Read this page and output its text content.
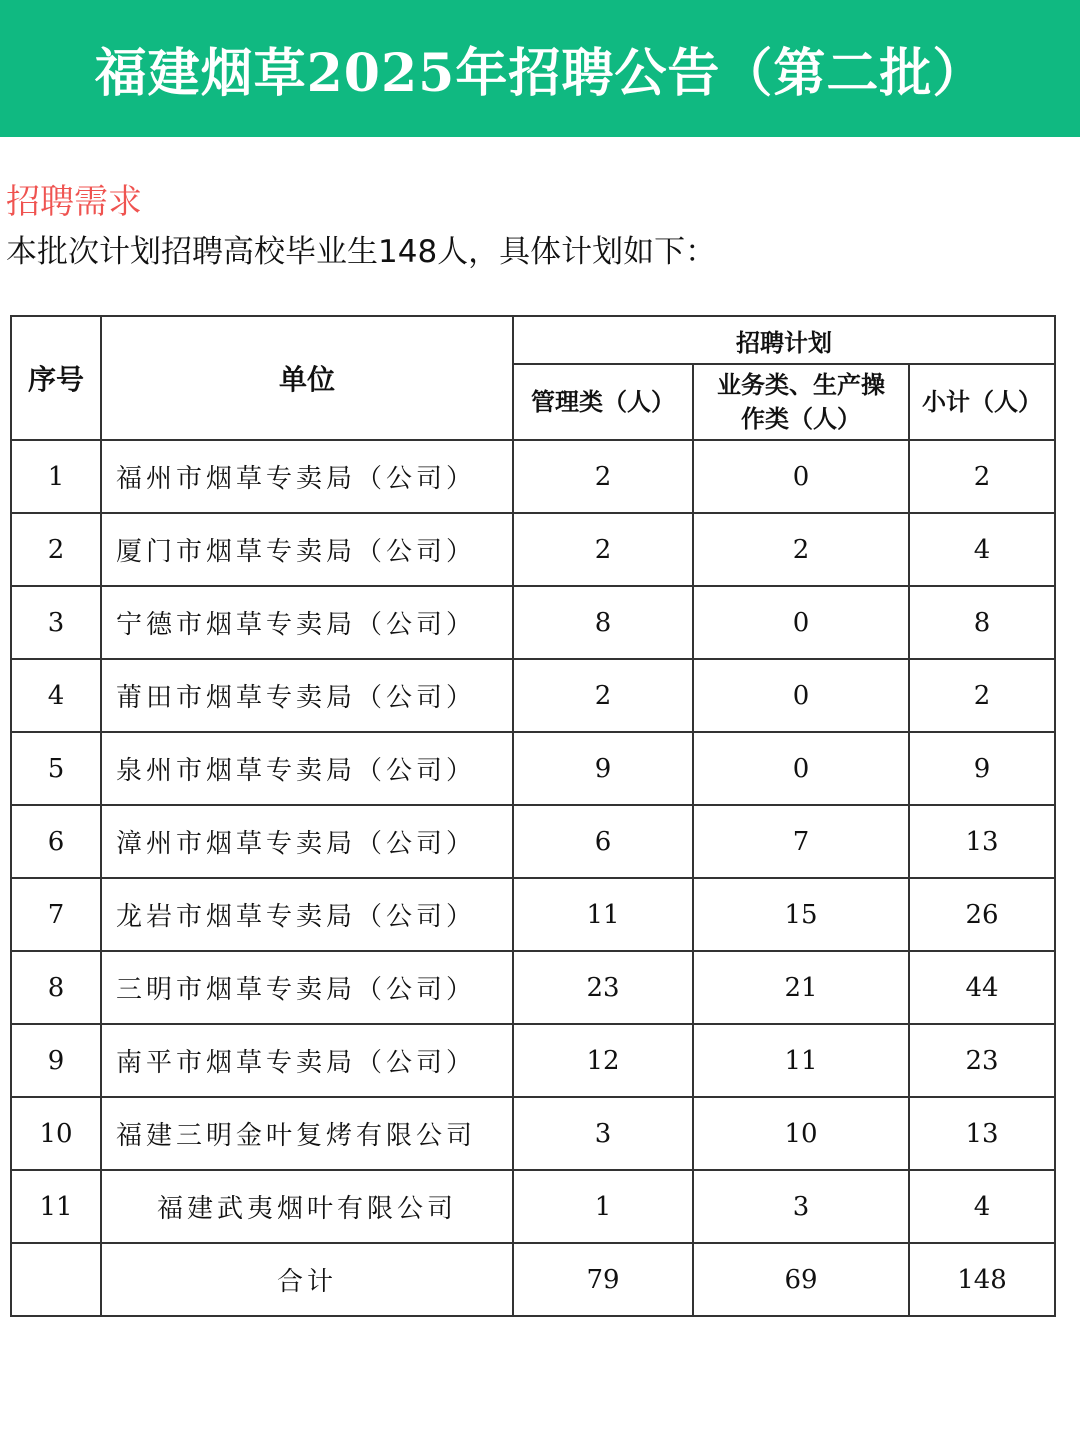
福建烟草2025年招聘公告（第二批）
招聘需求
本批次计划招聘高校毕业生148人，具体计划如下：
序号	单位	招聘计划		
		管理类（人）	业务类、生产操
作类（人）	小计（人）
1	福州市烟草专卖局（公司）	2	0	2
2	厦门市烟草专卖局（公司）	2	2	4
3	宁德市烟草专卖局（公司）	8	0	8
4	莆田市烟草专卖局（公司）	2	0	2
5	泉州市烟草专卖局（公司）	9	0	9
6	漳州市烟草专卖局（公司）	6	7	13
7	龙岩市烟草专卖局（公司）	11	15	26
8	三明市烟草专卖局（公司）	23	21	44
9	南平市烟草专卖局（公司）	12	11	23
10	福建三明金叶复烤有限公司	3	10	13
11	福建武夷烟叶有限公司	1	3	4
	合计	79	69	148
